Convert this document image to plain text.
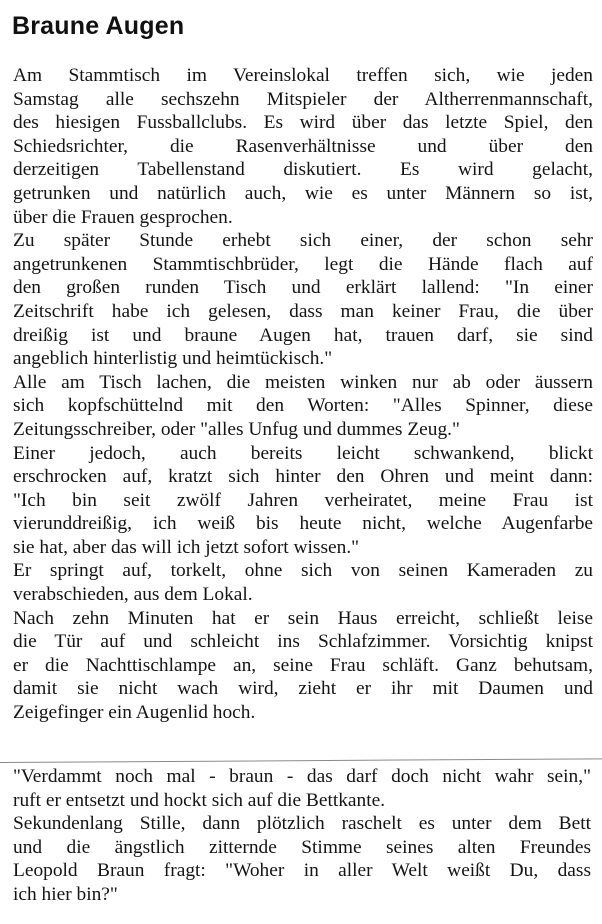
Braune Augen

Am Stammtisch im Vereinslokal treffen sich, wie jeden
Samstag alle sechszehn Mitspieler der Altherrenmannschaft,
des hiesigen Fussballclubs. Es wird über das letzte Spiel, den
Schiedsrichter, die Rasenverhältnisse und über den
derzeitigen Tabellenstand diskutiert. Es wird gelacht,
getrunken und natürlich auch, wie es unter Männern so ist,
über die Frauen gesprochen.

Zu später Stunde erhebt sich einer, der schon sehr
angetrunkenen Stammtischbrüder, legt die Hände flach auf
den großen runden Tisch und erklärt lallend: "In einer
Zeitschrift habe ich gelesen, dass man keiner Frau, die über
dreißig ist und braune Augen hat, trauen darf, sie sind
angeblich hinterlistig und heimtückisch."

Alle am Tisch lachen, die meisten winken nur ab oder äussern
sich kopfschüttelnd mit den Worten: "Alles Spinner, diese
Zeitungsschreiber, oder "alles Unfug und dummes Zeug."

Einer jedoch, auch bereits leicht schwankend, blickt
erschrocken auf, kratzt sich hinter den Ohren und meint dann:
"Ich bin seit zwölf Jahren verheiratet, meine Frau ist
vierunddreißig, ich weiß bis heute nicht, welche Augenfarbe
sie hat, aber das will ich jetzt sofort wissen."

Er springt auf, torkelt, ohne sich von seinen Kameraden zu
verabschieden, aus dem Lokal.

Nach zehn Minuten hat er sein Haus erreicht, schließt leise
die Tür auf und schleicht ins Schlafzimmer. Vorsichtig knipst
er die Nachttischlampe an, seine Frau schläft. Ganz behutsam,
damit sie nicht wach wird, zieht er ihr mit Daumen und
Zeigefinger ein Augenlid hoch.

"Verdammt noch mal - braun - das darf doch nicht wahr sein,"
ruft er entsetzt und hockt sich auf die Bettkante.

Sekundenlang Stille, dann plötzlich raschelt es unter dem Bett
und die ängstlich zitternde Stimme seines alten Freundes
Leopold Braun fragt: "Woher in aller Welt weißt Du, dass
ich hier bin?"
